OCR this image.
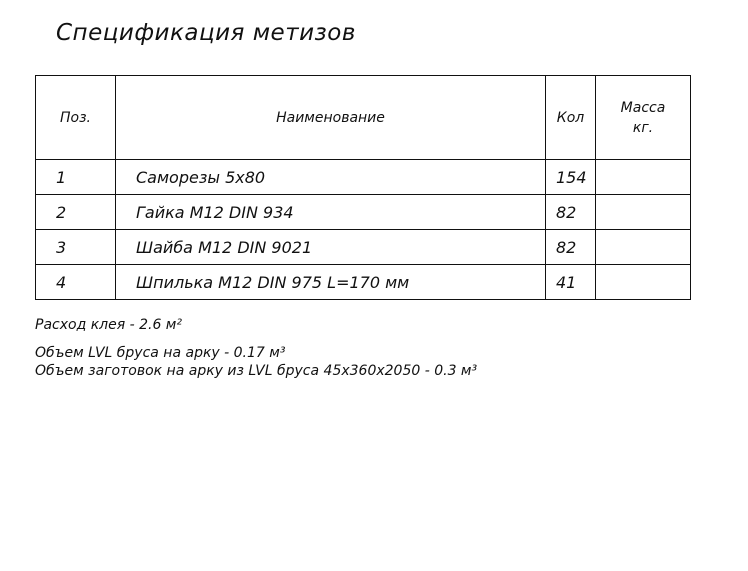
Спецификация метизов
Поз.	Наименование	Кол	Масса
кг.
1	Саморезы 5х80	154	
2	Гайка М12 DIN 934	82	
3	Шайба М12 DIN 9021	82	
4	Шпилька М12 DIN 975 L=170 мм	41	
Расход клея - 2.6 м²
Объем LVL бруса на арку - 0.17 м³
Объем заготовок на арку из LVL бруса 45х360х2050 - 0.3 м³
